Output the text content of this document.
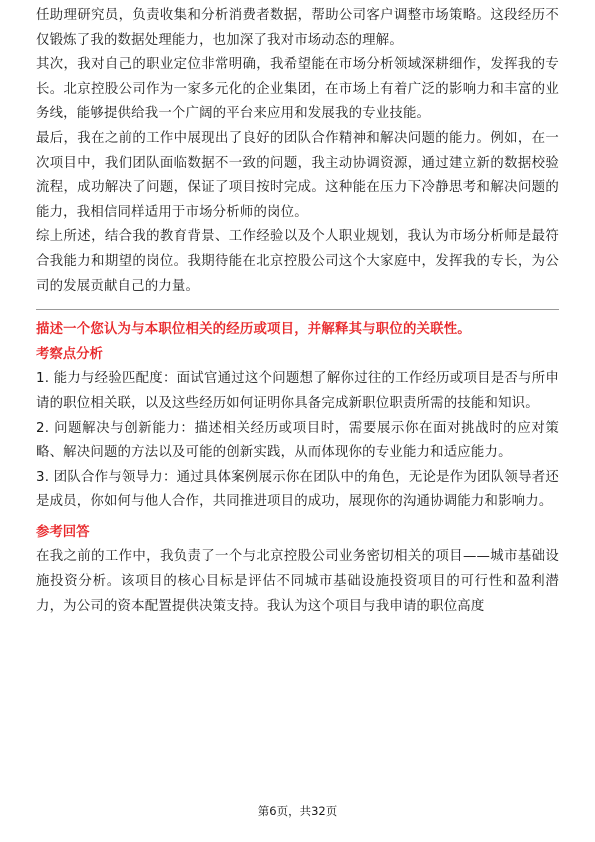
任助理研究员，负责收集和分析消费者数据，帮助公司客户调整市场策略。这段经历不仅锻炼了我的数据处理能力，也加深了我对市场动态的理解。

其次，我对自己的职业定位非常明确，我希望能在市场分析领域深耕细作，发挥我的专长。北京控股公司作为一家多元化的企业集团，在市场上有着广泛的影响力和丰富的业务线，能够提供给我一个广阔的平台来应用和发展我的专业技能。

最后，我在之前的工作中展现出了良好的团队合作精神和解决问题的能力。例如，在一次项目中，我们团队面临数据不一致的问题，我主动协调资源，通过建立新的数据校验流程，成功解决了问题，保证了项目按时完成。这种能在压力下冷静思考和解决问题的能力，我相信同样适用于市场分析师的岗位。

综上所述，结合我的教育背景、工作经验以及个人职业规划，我认为市场分析师是最符合我能力和期望的岗位。我期待能在北京控股公司这个大家庭中，发挥我的专长，为公司的发展贡献自己的力量。

描述一个您认为与本职位相关的经历或项目，并解释其与职位的关联性。

考察点分析

1. 能力与经验匹配度：面试官通过这个问题想了解你过往的工作经历或项目是否与所申请的职位相关联，以及这些经历如何证明你具备完成新职位职责所需的技能和知识。

2. 问题解决与创新能力：描述相关经历或项目时，需要展示你在面对挑战时的应对策略、解决问题的方法以及可能的创新实践，从而体现你的专业能力和适应能力。

3. 团队合作与领导力：通过具体案例展示你在团队中的角色，无论是作为团队领导者还是成员，你如何与他人合作，共同推进项目的成功，展现你的沟通协调能力和影响力。

参考回答

在我之前的工作中，我负责了一个与北京控股公司业务密切相关的项目——城市基础设施投资分析。该项目的核心目标是评估不同城市基础设施投资项目的可行性和盈利潜力，为公司的资本配置提供决策支持。我认为这个项目与我申请的职位高度

第6页，共32页
